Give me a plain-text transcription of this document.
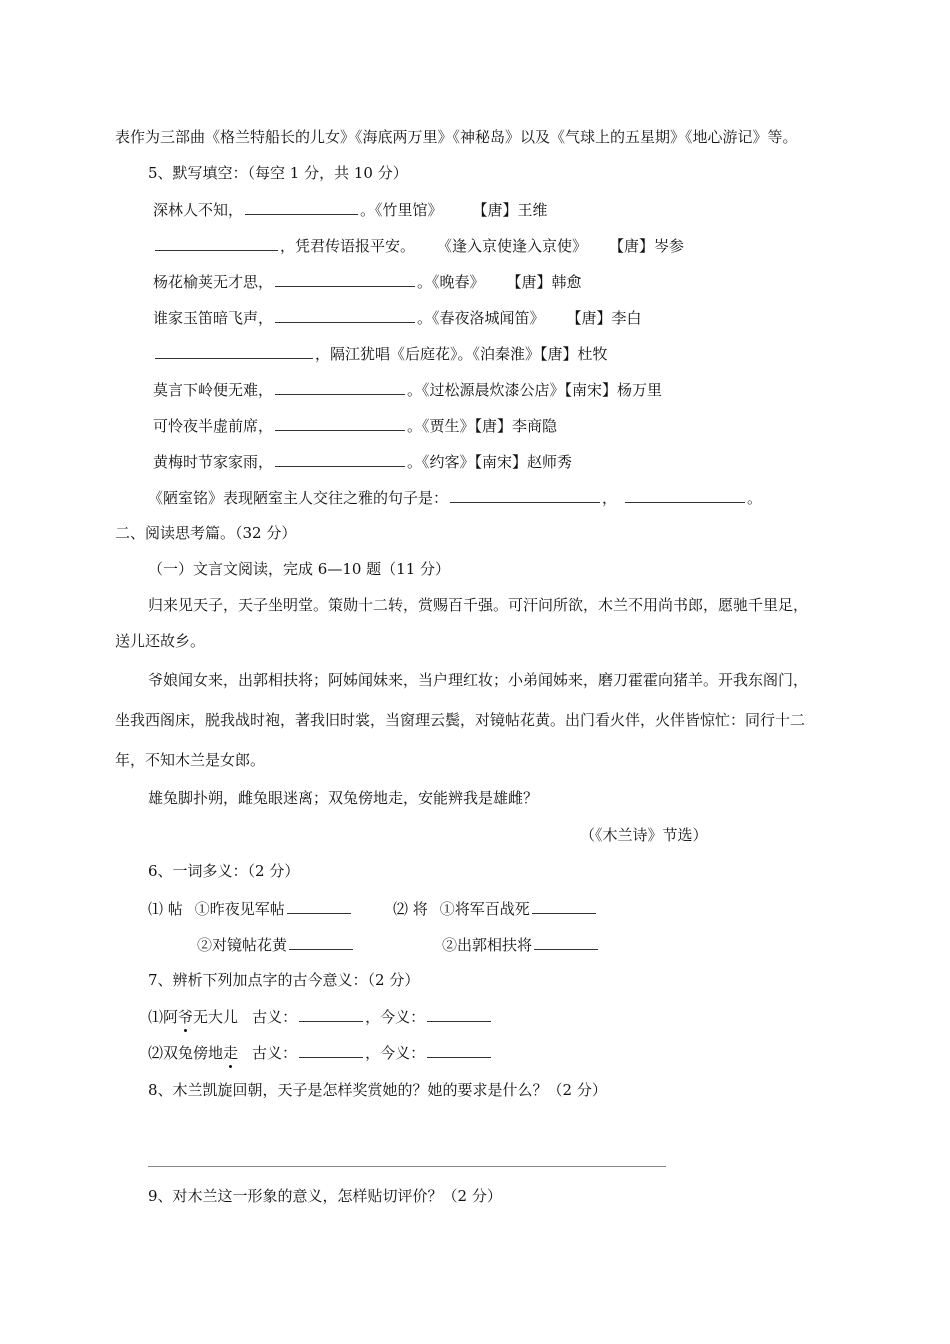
表作为三部曲《格兰特船长的儿女》《海底两万里》《神秘岛》以及《气球上的五星期》《地心游记》等。
5、默写填空：（每空 1 分，共 10 分）
深林人不知，	。《竹里馆》 【唐】王维
，凭君传语报平安。 《逢入京使逢入京使》 【唐】岑参
杨花榆荚无才思，	。《晚春》 【唐】韩愈
谁家玉笛暗飞声，	。《春夜洛城闻笛》 【唐】李白
，隔江犹唱《后庭花》。《泊秦淮》【唐】杜牧
莫言下岭便无难，	。《过松源晨炊漆公店》【南宋】杨万里
可怜夜半虚前席，	。《贾生》【唐】李商隐
黄梅时节家家雨，	。《约客》【南宋】赵师秀
《陋室铭》表现陋室主人交往之雅的句子是：	，	。
二、阅读思考篇。（32 分）
（一）文言文阅读，完成 6—10 题（11 分）
归来见天子，天子坐明堂。策勋十二转，赏赐百千强。可汗问所欲，木兰不用尚书郎，愿驰千里足，
送儿还故乡。
爷娘闻女来，出郭相扶将；阿姊闻妹来，当户理红妆；小弟闻姊来，磨刀霍霍向猪羊。开我东阁门，
坐我西阁床，脱我战时袍，著我旧时裳，当窗理云鬓，对镜帖花黄。出门看火伴，火伴皆惊忙：同行十二
年，不知木兰是女郎。
雄兔脚扑朔，雌兔眼迷离；双兔傍地走，安能辨我是雄雌？
（《木兰诗》节选）
6、一词多义：（2 分）
⑴ 帖 ①昨夜见军帖	⑵ 将 ①将军百战死
②对镜帖花黄	②出郭相扶将
7、辨析下列加点字的古今意义：（2 分）
⑴阿爷无大儿 古义：	，今义：
⑵双兔傍地走 古义：	，今义：
8、木兰凯旋回朝，天子是怎样奖赏她的？她的要求是什么？（2 分）
9、对木兰这一形象的意义，怎样贴切评价？（2 分）
